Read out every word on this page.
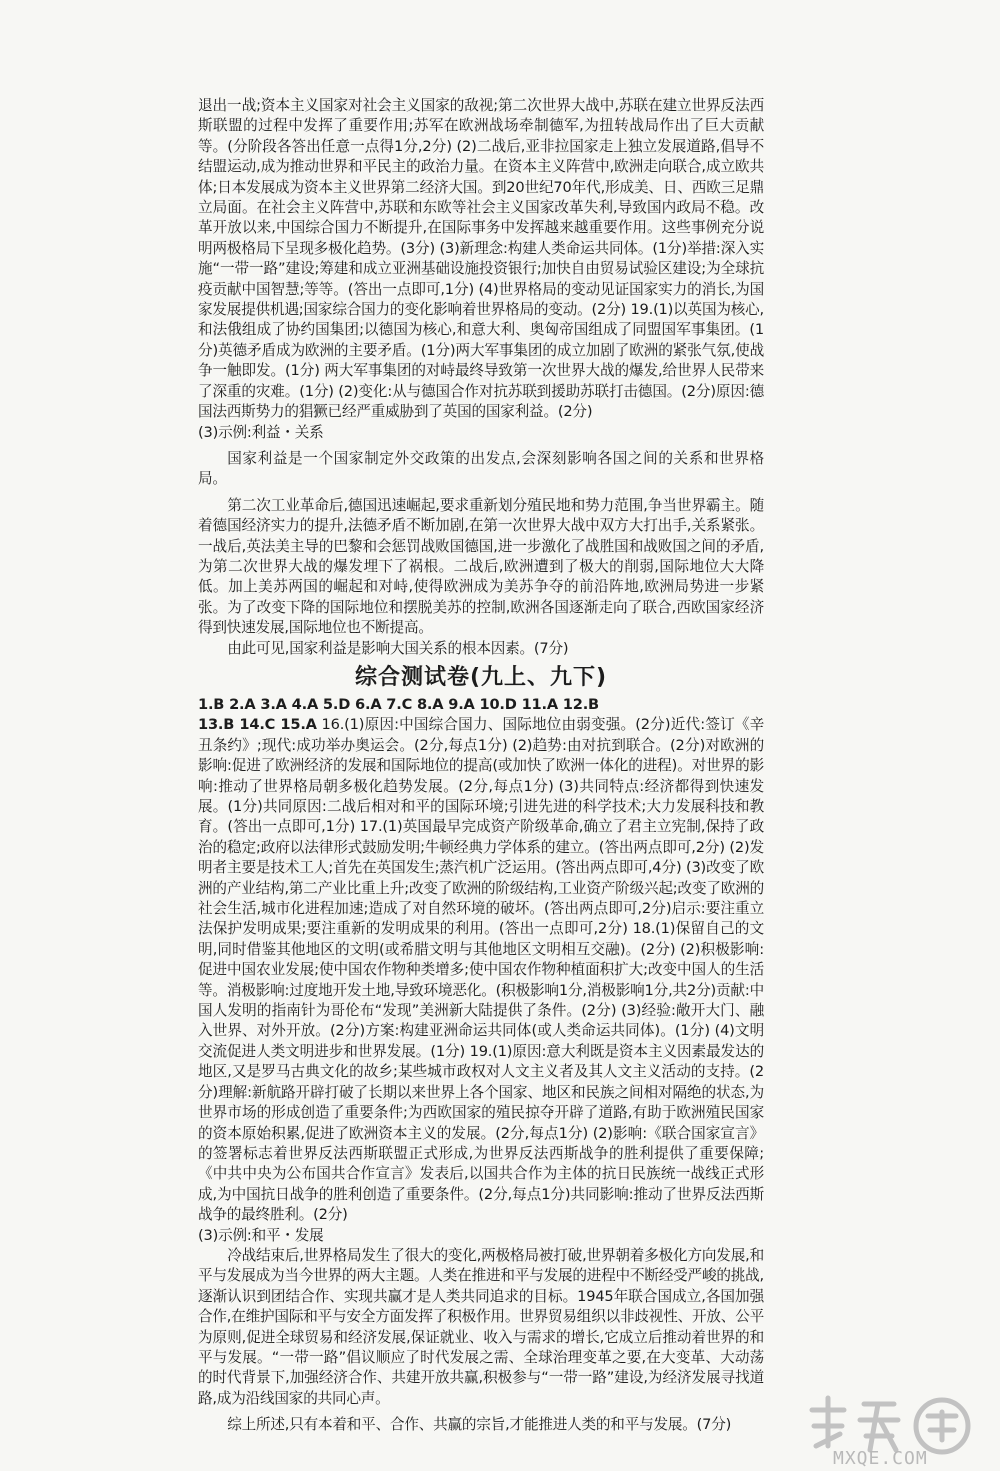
退出一战;资本主义国家对社会主义国家的敌视;第二次世界大战中,苏联在建立世界反法西斯联盟的过程中发挥了重要作用;苏军在欧洲战场牵制德军,为扭转战局作出了巨大贡献等。(分阶段各答出任意一点得1分,2分) (2)二战后,亚非拉国家走上独立发展道路,倡导不结盟运动,成为推动世界和平民主的政治力量。在资本主义阵营中,欧洲走向联合,成立欧共体;日本发展成为资本主义世界第二经济大国。到20世纪70年代,形成美、日、西欧三足鼎立局面。在社会主义阵营中,苏联和东欧等社会主义国家改革失利,导致国内政局不稳。改革开放以来,中国综合国力不断提升,在国际事务中发挥越来越重要作用。这些事例充分说明两极格局下呈现多极化趋势。(3分) (3)新理念:构建人类命运共同体。(1分)举措:深入实施“一带一路”建设;筹建和成立亚洲基础设施投资银行;加快自由贸易试验区建设;为全球抗疫贡献中国智慧;等等。(答出一点即可,1分) (4)世界格局的变动见证国家实力的消长,为国家发展提供机遇;国家综合国力的变化影响着世界格局的变动。(2分) 19.(1)以英国为核心,和法俄组成了协约国集团;以德国为核心,和意大利、奥匈帝国组成了同盟国军事集团。(1分)英德矛盾成为欧洲的主要矛盾。(1分)两大军事集团的成立加剧了欧洲的紧张气氛,使战争一触即发。(1分) 两大军事集团的对峙最终导致第一次世界大战的爆发,给世界人民带来了深重的灾难。(1分) (2)变化:从与德国合作对抗苏联到援助苏联打击德国。(2分)原因:德国法西斯势力的猖獗已经严重威胁到了英国的国家利益。(2分)

(3)示例:利益・关系

国家利益是一个国家制定外交政策的出发点,会深刻影响各国之间的关系和世界格局。

第二次工业革命后,德国迅速崛起,要求重新划分殖民地和势力范围,争当世界霸主。随着德国经济实力的提升,法德矛盾不断加剧,在第一次世界大战中双方大打出手,关系紧张。一战后,英法美主导的巴黎和会惩罚战败国德国,进一步激化了战胜国和战败国之间的矛盾,为第二次世界大战的爆发埋下了祸根。二战后,欧洲遭到了极大的削弱,国际地位大大降低。加上美苏两国的崛起和对峙,使得欧洲成为美苏争夺的前沿阵地,欧洲局势进一步紧张。为了改变下降的国际地位和摆脱美苏的控制,欧洲各国逐渐走向了联合,西欧国家经济得到快速发展,国际地位也不断提高。

由此可见,国家利益是影响大国关系的根本因素。(7分)

综合测试卷(九上、九下)

1.B 2.A 3.A 4.A 5.D 6.A 7.C 8.A 9.A 10.D 11.A 12.B

13.B 14.C 15.A 16.(1)原因:中国综合国力、国际地位由弱变强。(2分)近代:签订《辛丑条约》;现代:成功举办奥运会。(2分,每点1分) (2)趋势:由对抗到联合。(2分)对欧洲的影响:促进了欧洲经济的发展和国际地位的提高(或加快了欧洲一体化的进程)。对世界的影响:推动了世界格局朝多极化趋势发展。(2分,每点1分) (3)共同特点:经济都得到快速发展。(1分)共同原因:二战后相对和平的国际环境;引进先进的科学技术;大力发展科技和教育。(答出一点即可,1分) 17.(1)英国最早完成资产阶级革命,确立了君主立宪制,保持了政治的稳定;政府以法律形式鼓励发明;牛顿经典力学体系的建立。(答出两点即可,2分) (2)发明者主要是技术工人;首先在英国发生;蒸汽机广泛运用。(答出两点即可,4分) (3)改变了欧洲的产业结构,第二产业比重上升;改变了欧洲的阶级结构,工业资产阶级兴起;改变了欧洲的社会生活,城市化进程加速;造成了对自然环境的破坏。(答出两点即可,2分)启示:要注重立法保护发明成果;要注重新的发明成果的利用。(答出一点即可,2分) 18.(1)保留自己的文明,同时借鉴其他地区的文明(或希腊文明与其他地区文明相互交融)。(2分) (2)积极影响:促进中国农业发展;使中国农作物种类增多;使中国农作物种植面积扩大;改变中国人的生活等。消极影响:过度地开发土地,导致环境恶化。(积极影响1分,消极影响1分,共2分)贡献:中国人发明的指南针为哥伦布“发现”美洲新大陆提供了条件。(2分) (3)经验:敞开大门、融入世界、对外开放。(2分)方案:构建亚洲命运共同体(或人类命运共同体)。(1分) (4)文明交流促进人类文明进步和世界发展。(1分) 19.(1)原因:意大利既是资本主义因素最发达的地区,又是罗马古典文化的故乡;某些城市政权对人文主义者及其人文主义活动的支持。(2分)理解:新航路开辟打破了长期以来世界上各个国家、地区和民族之间相对隔绝的状态,为世界市场的形成创造了重要条件;为西欧国家的殖民掠夺开辟了道路,有助于欧洲殖民国家的资本原始积累,促进了欧洲资本主义的发展。(2分,每点1分) (2)影响:《联合国家宣言》的签署标志着世界反法西斯联盟正式形成,为世界反法西斯战争的胜利提供了重要保障;《中共中央为公布国共合作宣言》发表后,以国共合作为主体的抗日民族统一战线正式形成,为中国抗日战争的胜利创造了重要条件。(2分,每点1分)共同影响:推动了世界反法西斯战争的最终胜利。(2分)

(3)示例:和平・发展

冷战结束后,世界格局发生了很大的变化,两极格局被打破,世界朝着多极化方向发展,和平与发展成为当今世界的两大主题。人类在推进和平与发展的进程中不断经受严峻的挑战,逐渐认识到团结合作、实现共赢才是人类共同追求的目标。1945年联合国成立,各国加强合作,在维护国际和平与安全方面发挥了积极作用。世界贸易组织以非歧视性、开放、公平为原则,促进全球贸易和经济发展,保证就业、收入与需求的增长,它成立后推动着世界的和平与发展。“一带一路”倡议顺应了时代发展之需、全球治理变革之要,在大变革、大动荡的时代背景下,加强经济合作、共建开放共赢,积极参与“一带一路”建设,为经济发展寻找道路,成为沿线国家的共同心声。

综上所述,只有本着和平、合作、共赢的宗旨,才能推进人类的和平与发展。(7分)

MXQE.COM
